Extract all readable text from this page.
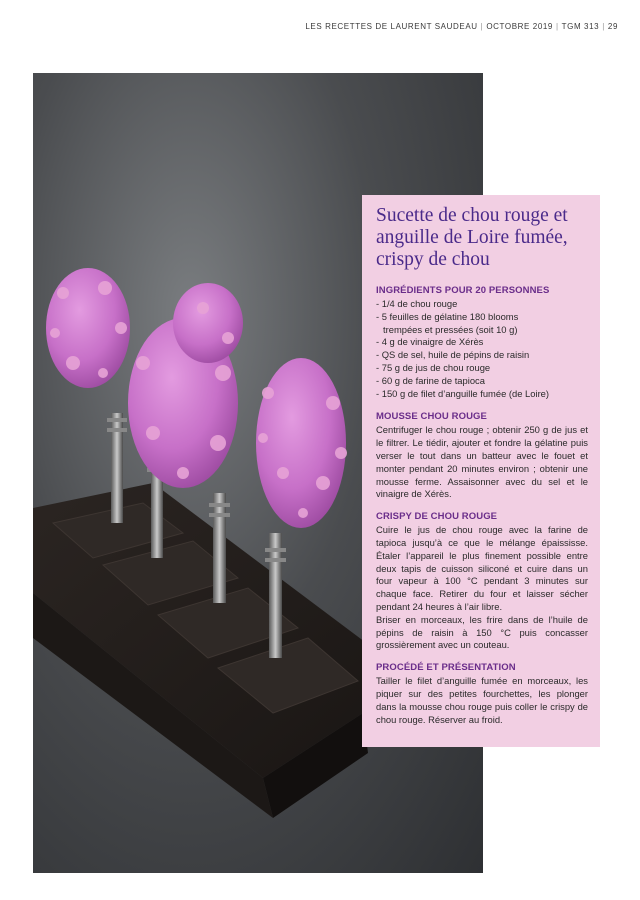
LES RECETTES DE LAURENT SAUDEAU | OCTOBRE 2019 | TGM 313 | 29
Sucette de chou rouge et anguille de Loire fumée, crispy de chou
INGRÉDIENTS POUR 20 PERSONNES
- 1/4 de chou rouge
- 5 feuilles de gélatine 180 blooms
trempées et pressées (soit 10 g)
- 4 g de vinaigre de Xérès
- QS de sel, huile de pépins de raisin
- 75 g de jus de chou rouge
- 60 g de farine de tapioca
- 150 g de filet d’anguille fumée (de Loire)
MOUSSE CHOU ROUGE

Centrifuger le chou rouge ; obtenir 250 g de jus et le filtrer. Le tiédir, ajouter et fondre la gélatine puis verser le tout dans un batteur avec le fouet et monter pendant 20 minutes environ ; obtenir une mousse ferme. Assaisonner avec du sel et le vinaigre de Xérès.

CRISPY DE CHOU ROUGE

Cuire le jus de chou rouge avec la farine de tapioca jusqu’à ce que le mélange épaississe. Étaler l’appareil le plus finement possible entre deux tapis de cuisson siliconé et cuire dans un four vapeur à 100 °C pendant 3 minutes sur chaque face. Retirer du four et laisser sécher pendant 24 heures à l’air libre.

Briser en morceaux, les frire dans de l’huile de pépins de raisin à 150 °C puis concasser grossièrement avec un couteau.

PROCÉDÉ ET PRÉSENTATION

Tailler le filet d’anguille fumée en morceaux, les piquer sur des petites fourchettes, les plonger dans la mousse chou rouge puis coller le crispy de chou rouge. Réserver au froid.
